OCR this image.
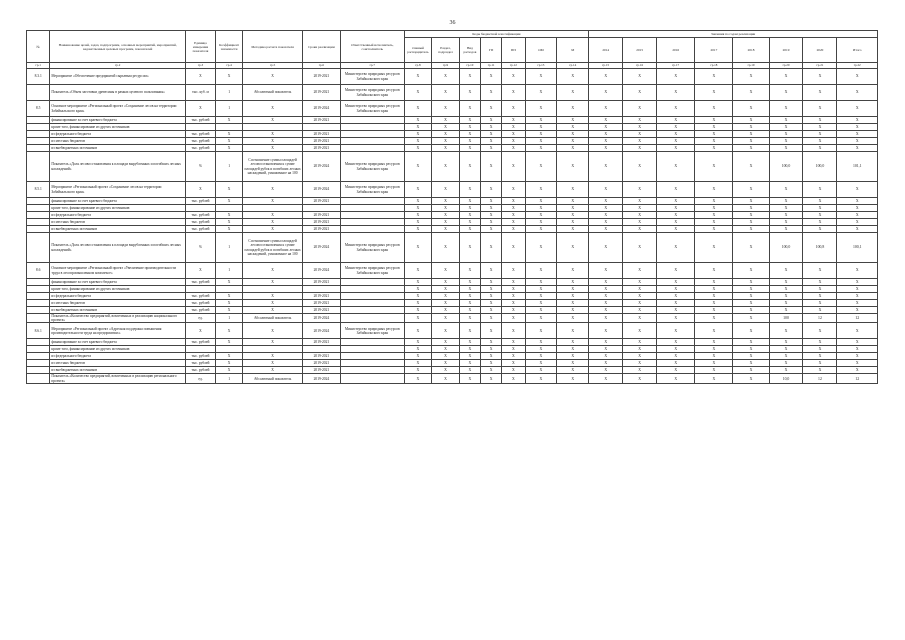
36
№	Наименование целей, задач, подпрограмм, основных мероприятий, мероприятий, ведомственных целевых программ, показателей	Единица измерения показателя	Коэффициент значимости	Методика расчета показателя	Сроки реализации	Ответственный исполнитель, соисполнитель	Коды бюджетной классификации							Значения по годам реализации							
							главный распорядитель	Раздел, подраздел	Вид расходов	ГП	ПП	ОМ	М	2014	2015	2016	2017	2018	2019	2020	Итого
гр.1	гр.2	гр.3	гр.4	гр.5	гр.6	гр.7	гр.8	гр.9	гр.10	гр.11	гр.12	гр.13	гр.14	гр.15	гр.16	гр.17	гр.18	гр.19	гр.20	гр.21	гр.22
8.3.1	Мероприятие «Обеспечение предприятий сырьевым ресурсом»	Х	Х	Х	2019-2021	Министерство природных ресурсов Забайкальского края	Х	Х	Х	Х	Х	Х	Х	Х	Х	Х	Х	Х	Х	Х	Х
	Показатель «Объем заготовки древесины в рамках целевого пользования»	тыс. куб. м	1	Абсолютный показатель	2019-2021	Министерство природных ресурсов Забайкальского края	Х	Х	Х	Х	Х	Х	Х	Х	Х	Х	Х	Х	Х	Х	Х
8.5	Основное мероприятие «Региональный проект «Сохранение лесов на территории Забайкальского края»	Х	1	Х	2019-2024	Министерство природных ресурсов Забайкальского края	Х	Х	Х	Х	Х	Х	Х	Х	Х	Х	Х	Х	Х	Х	Х
	финансирование за счет краевого бюджета	тыс. рублей	Х	Х	2019-2021		Х	Х	Х	Х	Х	Х	Х	Х	Х	Х	Х	Х	Х	Х	Х
	кроме того, финансирование из других источников:						Х	Х	Х	Х	Х	Х	Х	Х	Х	Х	Х	Х	Х	Х	Х
	из федерального бюджета	тыс. рублей	Х	Х	2019-2021		Х	Х	Х	Х	Х	Х	Х	Х	Х	Х	Х	Х	Х	Х	Х
	из местных бюджетов	тыс. рублей	Х	Х	2019-2021		Х	Х	Х	Х	Х	Х	Х	Х	Х	Х	Х	Х	Х	Х	Х
	из внебюджетных источников	тыс. рублей	Х	Х	2019-2021		Х	Х	Х	Х	Х	Х	Х	Х	Х	Х	Х	Х	Х	Х	Х
	Показатель «Доля лесовосстановления к площади вырубленных и погибших лесных насаждений»	%	1	Соотношение суммы площадей лесовосстановления к сумме площадей рубок и погибших лесных насаждений, умноженное на 100	2019-2024	Министерство природных ресурсов Забайкальского края	Х	Х	Х	Х	Х	Х	Х	Х	Х	Х	Х	Х	100,0	100,0	101,1
8.5.1	Мероприятие «Региональный проект «Сохранение лесов на территории Забайкальского края»	Х	Х	Х	2019-2024	Министерство природных ресурсов Забайкальского края	Х	Х	Х	Х	Х	Х	Х	Х	Х	Х	Х	Х	Х	Х	Х
	финансирование за счет краевого бюджета	тыс. рублей	Х	Х	2019-2021		Х	Х	Х	Х	Х	Х	Х	Х	Х	Х	Х	Х	Х	Х	Х
	кроме того, финансирование из других источников:						Х	Х	Х	Х	Х	Х	Х	Х	Х	Х	Х	Х	Х	Х	Х
	из федерального бюджета	тыс. рублей	Х	Х	2019-2021		Х	Х	Х	Х	Х	Х	Х	Х	Х	Х	Х	Х	Х	Х	Х
	из местных бюджетов	тыс. рублей	Х	Х	2019-2021		Х	Х	Х	Х	Х	Х	Х	Х	Х	Х	Х	Х	Х	Х	Х
	из внебюджетных источников	тыс. рублей	Х	Х	2019-2021		Х	Х	Х	Х	Х	Х	Х	Х	Х	Х	Х	Х	Х	Х	Х
	Показатель «Доля лесовосстановления к площади вырубленных и погибших лесных насаждений»	%	1	Соотношение суммы площадей лесовосстановления к сумме площадей рубок и погибших лесных насаждений, умноженное на 100	2019-2024	Министерство природных ресурсов Забайкальского края	Х	Х	Х	Х	Х	Х	Х	Х	Х	Х	Х	Х	100,0	100,8	100,1
8.6	Основное мероприятие «Региональный проект «Увеличение производительности труда в лесопромышленном комплексе»	Х	1	Х	2019-2024	Министерство природных ресурсов Забайкальского края	Х	Х	Х	Х	Х	Х	Х	Х	Х	Х	Х	Х	Х	Х	Х
	финансирование за счет краевого бюджета	тыс. рублей	Х	Х	2019-2021		Х	Х	Х	Х	Х	Х	Х	Х	Х	Х	Х	Х	Х	Х	Х
	кроме того, финансирование из других источников:						Х	Х	Х	Х	Х	Х	Х	Х	Х	Х	Х	Х	Х	Х	Х
	из федерального бюджета	тыс. рублей	Х	Х	2019-2021		Х	Х	Х	Х	Х	Х	Х	Х	Х	Х	Х	Х	Х	Х	Х
	из местных бюджетов	тыс. рублей	Х	Х	2019-2021		Х	Х	Х	Х	Х	Х	Х	Х	Х	Х	Х	Х	Х	Х	Х
	из внебюджетных источников	тыс. рублей	Х	Х	2019-2021		Х	Х	Х	Х	Х	Х	Х	Х	Х	Х	Х	Х	Х	Х	Х
	Показатель «Количество предприятий, вовлеченных в реализацию национального проекта»	ед.	1	Абсолютный показатель	2019-2024		Х	Х	Х	Х	Х	Х	Х	Х	Х	Х	Х	Х	100	12	12
8.6.1	Мероприятие «Региональный проект «Адресная поддержка повышения производительности труда на предприятиях»	Х	Х	Х	2019-2024	Министерство природных ресурсов Забайкальского края	Х	Х	Х	Х	Х	Х	Х	Х	Х	Х	Х	Х	Х	Х	Х
	финансирование за счет краевого бюджета	тыс. рублей	Х	Х	2019-2021		Х	Х	Х	Х	Х	Х	Х	Х	Х	Х	Х	Х	Х	Х	Х
	кроме того, финансирование из других источников:						Х	Х	Х	Х	Х	Х	Х	Х	Х	Х	Х	Х	Х	Х	Х
	из федерального бюджета	тыс. рублей	Х	Х	2019-2021		Х	Х	Х	Х	Х	Х	Х	Х	Х	Х	Х	Х	Х	Х	Х
	из местных бюджетов	тыс. рублей	Х	Х	2019-2021		Х	Х	Х	Х	Х	Х	Х	Х	Х	Х	Х	Х	Х	Х	Х
	из внебюджетных источников	тыс. рублей	Х	Х	2019-2021		Х	Х	Х	Х	Х	Х	Х	Х	Х	Х	Х	Х	Х	Х	Х
	Показатель «Количество предприятий, вовлеченных в реализацию регионального проекта»	ед.	1	Абсолютный показатель	2019-2024		Х	Х	Х	Х	Х	Х	Х	Х	Х	Х	Х	Х	10,0	12	12
